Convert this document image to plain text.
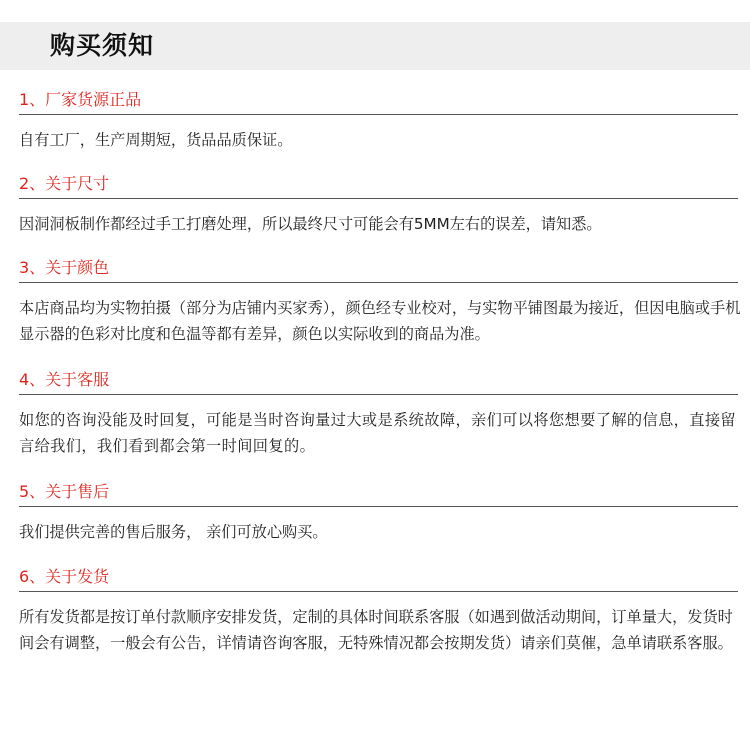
购买须知
1、厂家货源正品

自有工厂，生产周期短，货品品质保证。

2、关于尺寸

因洞洞板制作都经过手工打磨处理，所以最终尺寸可能会有5MM左右的误差，请知悉。

3、关于颜色

本店商品均为实物拍摄（部分为店铺内买家秀），颜色经专业校对，与实物平铺图最为接近，但因电脑或手机显示器的色彩对比度和色温等都有差异，颜色以实际收到的商品为准。

4、关于客服

如您的咨询没能及时回复，可能是当时咨询量过大或是系统故障，亲们可以将您想要了解的信息，直接留言给我们，我们看到都会第一时间回复的。

5、关于售后

我们提供完善的售后服务， 亲们可放心购买。

6、关于发货

所有发货都是按订单付款顺序安排发货，定制的具体时间联系客服（如遇到做活动期间，订单量大，发货时间会有调整，一般会有公告，详情请咨询客服，无特殊情况都会按期发货）请亲们莫催，急单请联系客服。
